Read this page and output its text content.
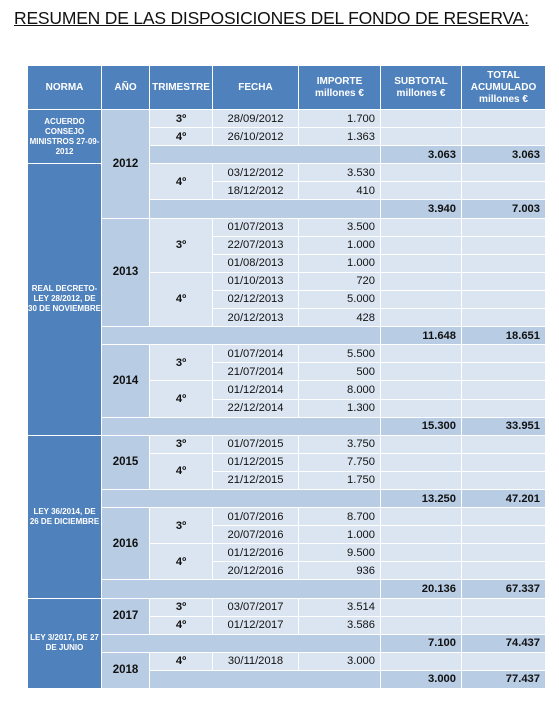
RESUMEN DE LAS DISPOSICIONES DEL FONDO DE RESERVA:
NORMA	AÑO	TRIMESTRE	FECHA	IMPORTE millones €	SUBTOTAL millones €	TOTAL ACUMULADO millones €
ACUERDO CONSEJO MINISTROS 27-09-2012	2012	3º	28/09/2012	1.700		
		4º	26/10/2012	1.363		
					3.063	3.063
REAL DECRETO-LEY 28/2012, DE 30 DE NOVIEMBRE		4º	03/12/2012	3.530		
			18/12/2012	410		
					3.940	7.003
	2013	3º	01/07/2013	3.500		
			22/07/2013	1.000		
			01/08/2013	1.000		
		4º	01/10/2013	720		
			02/12/2013	5.000		
			20/12/2013	428		
					11.648	18.651
	2014	3º	01/07/2014	5.500		
			21/07/2014	500		
		4º	01/12/2014	8.000		
			22/12/2014	1.300		
					15.300	33.951
LEY 36/2014, DE 26 DE DICIEMBRE	2015	3º	01/07/2015	3.750		
		4º	01/12/2015	7.750		
			21/12/2015	1.750		
					13.250	47.201
	2016	3º	01/07/2016	8.700		
			20/07/2016	1.000		
		4º	01/12/2016	9.500		
			20/12/2016	936		
					20.136	67.337
LEY 3/2017, DE 27 DE JUNIO	2017	3º	03/07/2017	3.514		
		4º	01/12/2017	3.586		
					7.100	74.437
	2018	4º	30/11/2018	3.000		
					3.000	77.437
